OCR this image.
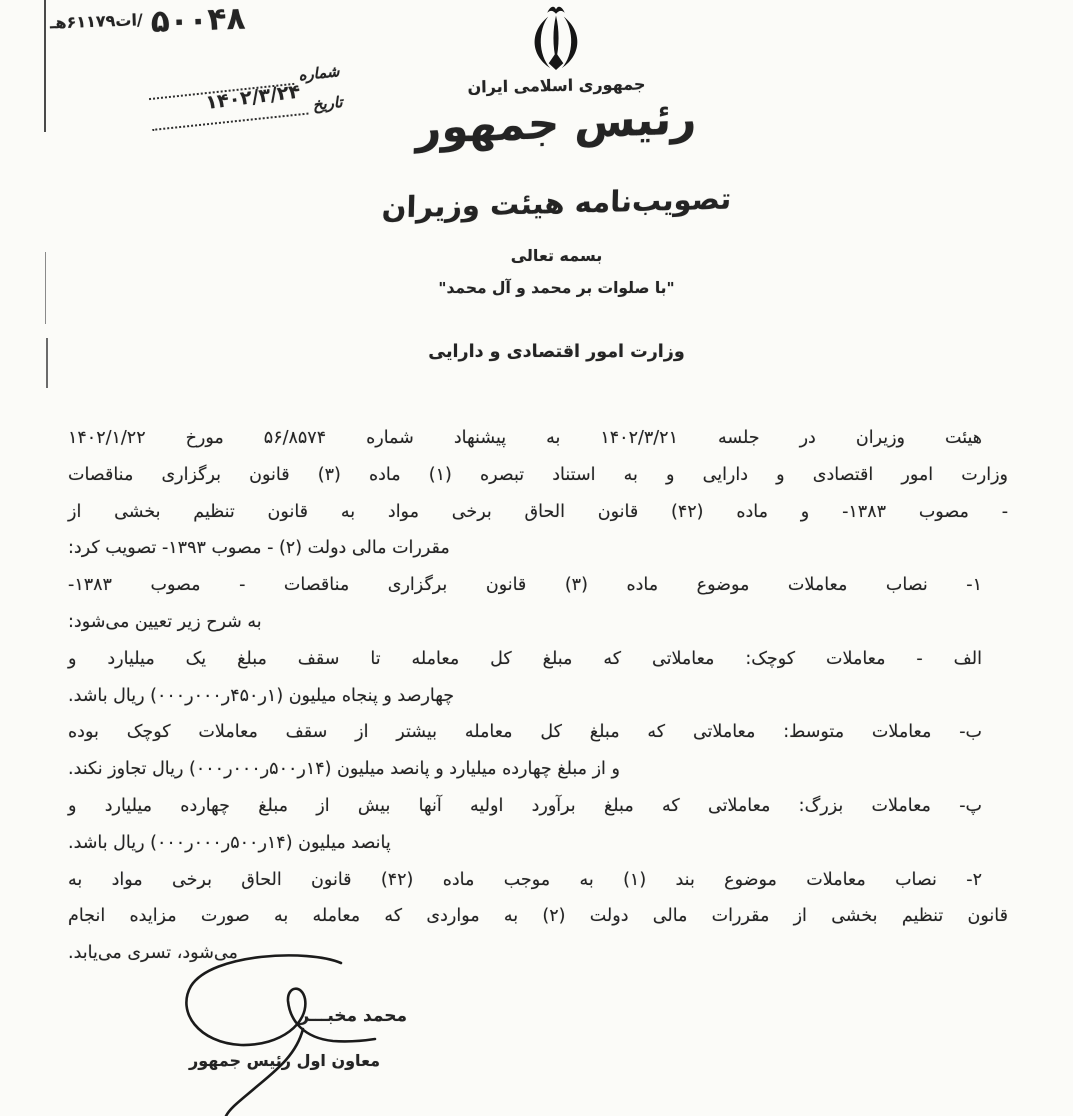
۵۰۰۴۸
/ات۶۱۱۷۹هـ
شماره
تاریخ
۱۴۰۲/۳/۲۴	جمهوری اسلامی ایران
رئیس جمهور
تصویب‌نامه هیئت وزیران
بسمه تعالی
"با صلوات بر محمد و آل محمد"
وزارت امور اقتصادی و دارایی
هیئت وزیران در جلسه ۱۴۰۲/۳/۲۱ به پیشنهاد شماره ۵۶/۸۵۷۴ مورخ ۱۴۰۲/۱/۲۲
وزارت امور اقتصادی و دارایی و به استناد تبصره (۱) ماده (۳) قانون برگزاری مناقصات
- مصوب ۱۳۸۳- و ماده (۴۲) قانون الحاق برخی مواد به قانون تنظیم بخشی از
مقررات مالی دولت (۲) - مصوب ۱۳۹۳- تصویب کرد:
۱- نصاب معاملات موضوع ماده (۳) قانون برگزاری مناقصات - مصوب ۱۳۸۳-
به شرح زیر تعیین می‌شود:
الف - معاملات کوچک: معاملاتی که مبلغ کل معامله تا سقف مبلغ یک میلیارد و
چهارصد و پنجاه میلیون (۱ر۴۵۰ر۰۰۰ر۰۰۰) ریال باشد.
ب- معاملات متوسط: معاملاتی که مبلغ کل معامله بیشتر از سقف معاملات کوچک بوده
و از مبلغ چهارده میلیارد و پانصد میلیون (۱۴ر۵۰۰ر۰۰۰ر۰۰۰) ریال تجاوز نکند.
پ- معاملات بزرگ: معاملاتی که مبلغ برآورد اولیه آنها بیش از مبلغ چهارده میلیارد و
پانصد میلیون (۱۴ر۵۰۰ر۰۰۰ر۰۰۰) ریال باشد.
۲- نصاب معاملات موضوع بند (۱) به موجب ماده (۴۲) قانون الحاق برخی مواد به
قانون تنظیم بخشی از مقررات مالی دولت (۲) به مواردی که معامله به صورت مزایده انجام
می‌شود، تسری می‌یابد.
محمد مخبـــر
معاون اول رئیس جمهور
